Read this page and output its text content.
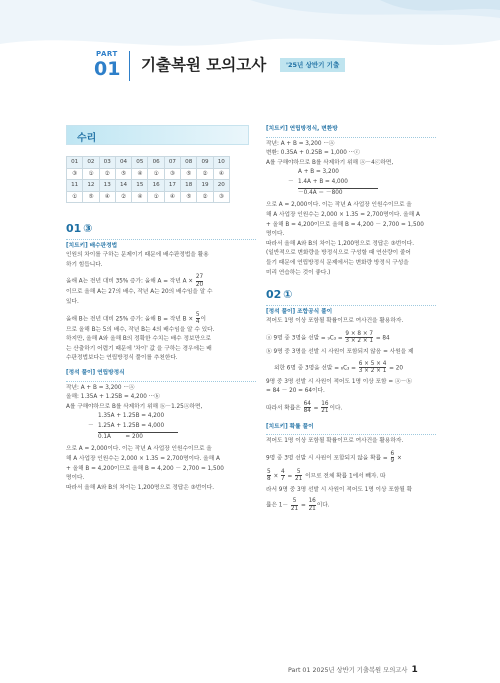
PART
01 기출복원 모의고사	'25년 상반기 기출
수리
01	02	03	04	05	06	07	08	09	10
③	①	②	⑤	④	①	③	⑤	②	④
11	12	13	14	15	16	17	18	19	20
①	⑤	④	②	④	①	④	⑤	②	③
01 ③

[치트키] 배수판정법

인원의 차이를 구하는 문제이기 때문에 배수판정법을 활용

하기 힘듭니다.

올해 A는 전년 대비 35% 증가: 올해 A = 작년 $A \times \frac{27}{20}$

이므로 올해 A는 27의 배수, 작년 A는 20의 배수임을 알 수

있다.

올해 B는 전년 대비 25% 증가: 올해 B = 작년 $B \times \frac{5}{4}$ 이

므로 올해 B는 5의 배수, 작년 B는 4의 배수임을 알 수 있다.

하지만, 올해 A와 올해 B의 정확한 수치는 배수 정보만으로

는 산출하기 어렵기 때문에 '차이' 값 을 구하는 경우에는 배

수판정법보다는 연립방정식 풀이를 추천한다.

[정석 풀이] 연립방정식

작년: A + B = 3,200 ···ⓐ

올해: 1.35A + 1.25B = 4,200 ···ⓑ

A를 구해야하므로 B를 삭제하기 위해 ⓑ－1.25ⓐ하면,

1.35A + 1.25B = 4,200

－ 1.25A + 1.25B = 4,000

0.1A	= 200

으로 A = 2,000이다. 이는 작년 A 사업장 인원수이므로 올

해 A 사업장 인원수는 2,000 × 1.35 = 2,700명이다. 올해 A

+ 올해 B = 4,200이므로 올해 B = 4,200 － 2,700 = 1,500

명이다.

따라서 올해 A와 B의 차이는 1,200명으로 정답은 ③번이다.

[치트키] 연립방정식, 변환방

작년: A + B = 3,200 ···ⓐ

변환: 0.35A + 0.25B = 1,000 ···ⓒ

A를 구해야하므로 B를 삭제하기 위해 ⓐ－4ⓒ하면,

A + B = 3,200

－ 1.4A + B = 4,000

－0.4A ＝ －800

으로 A = 2,000이다. 이는 작년 A 사업장 인원수이므로 올

해 A 사업장 인원수는 2,000 × 1.35 = 2,700명이다. 올해 A

+ 올해 B = 4,200이므로 올해 B = 4,200 － 2,700 = 1,500

명이다.

따라서 올해 A와 B의 차이는 1,200명으로 정답은 ③번이다.

(일반적으로 변화량을 방정식으로 구성할 때 연산량이 줄어

들기 때문에 연립방정식 문제에서는 변화량 방정식 구성을

미리 연습하는 것이 좋다.)

02 ①

[정석 풀이] 조합공식 풀이

적어도 1명 이상 포함될 확률이므로 여사건을 활용하자.

ⓐ 9명 중 3명을 선발 = $_9C_3 = \frac{9 \times 8 \times 7}{3 \times 2 \times 1} = 84$

ⓑ 9명 중 3명을 선발 시 사원이 포함되지 않음 = 사원을 제

외한 6명 중 3명을 선발 = $_6C_3 = \frac{6 \times 5 \times 4}{3 \times 2 \times 1} = 20$

9명 중 3명 선발 시 사원이 적어도 1명 이상 포함 = ⓐ－ⓑ

= 84 － 20 = 64이다.

따라서 확률은 $\frac{64}{84} = \frac{16}{21}$ 이다.

[치트키] 확률 풀이

적어도 1명 이상 포함될 확률이므로 여사건을 활용하자.

9명 중 3명 선발 시 사원이 포함되지 않을 확률 = $\frac{6}{9}$ ×

$\frac{5}{8} \times \frac{4}{7} = \frac{5}{21}$ 이므로 전체 확률 1에서 빼자. 따

라서 9명 중 3명 선발 시 사원이 적어도 1명 이상 포함될 확

률은 $1- \frac{5}{21} = \frac{16}{21}$ 이다.

Part 01 2025년 상반기 기출복원 모의고사 1
